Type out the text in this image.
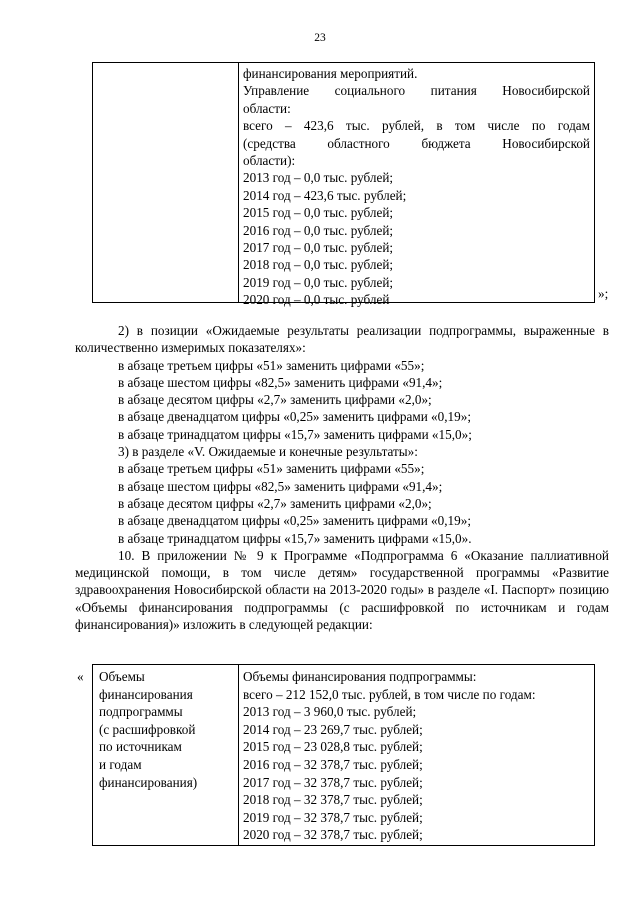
23
финансирования мероприятий.
Управление социального питания Новосибирской
области:
всего – 423,6 тыс. рублей, в том числе по годам
(средства областного бюджета Новосибирской
области):
2013 год – 0,0 тыс. рублей;
2014 год – 423,6 тыс. рублей;
2015 год – 0,0 тыс. рублей;
2016 год – 0,0 тыс. рублей;
2017 год – 0,0 тыс. рублей;
2018 год – 0,0 тыс. рублей;
2019 год – 0,0 тыс. рублей;
2020 год – 0,0 тыс. рублей	»;

2) в позиции «Ожидаемые результаты реализации подпрограммы, выраженные в количественно измеримых показателях»:

в абзаце третьем цифры «51» заменить цифрами «55»;

в абзаце шестом цифры «82,5» заменить цифрами «91,4»;

в абзаце десятом цифры «2,7» заменить цифрами «2,0»;

в абзаце двенадцатом цифры «0,25» заменить цифрами «0,19»;

в абзаце тринадцатом цифры «15,7» заменить цифрами «15,0»;

3) в разделе «V. Ожидаемые и конечные результаты»:

в абзаце третьем цифры «51» заменить цифрами «55»;

в абзаце шестом цифры «82,5» заменить цифрами «91,4»;

в абзаце десятом цифры «2,7» заменить цифрами «2,0»;

в абзаце двенадцатом цифры «0,25» заменить цифрами «0,19»;

в абзаце тринадцатом цифры «15,7» заменить цифрами «15,0».

10. В приложении № 9 к Программе «Подпрограмма 6 «Оказание паллиативной медицинской помощи, в том числе детям» государственной программы «Развитие здравоохранения Новосибирской области на 2013-2020 годы» в разделе «I. Паспорт» позицию «Объемы финансирования подпрограммы (с расшифровкой по источникам и годам финансирования)» изложить в следующей редакции:

« Объемы
финансирования
подпрограммы
(с расшифровкой
по источникам
и годам
финансирования)
Объемы финансирования подпрограммы:
всего – 212 152,0 тыс. рублей, в том числе по годам:
2013 год – 3 960,0 тыс. рублей;
2014 год – 23 269,7 тыс. рублей;
2015 год – 23 028,8 тыс. рублей;
2016 год – 32 378,7 тыс. рублей;
2017 год – 32 378,7 тыс. рублей;
2018 год – 32 378,7 тыс. рублей;
2019 год – 32 378,7 тыс. рублей;
2020 год – 32 378,7 тыс. рублей;
